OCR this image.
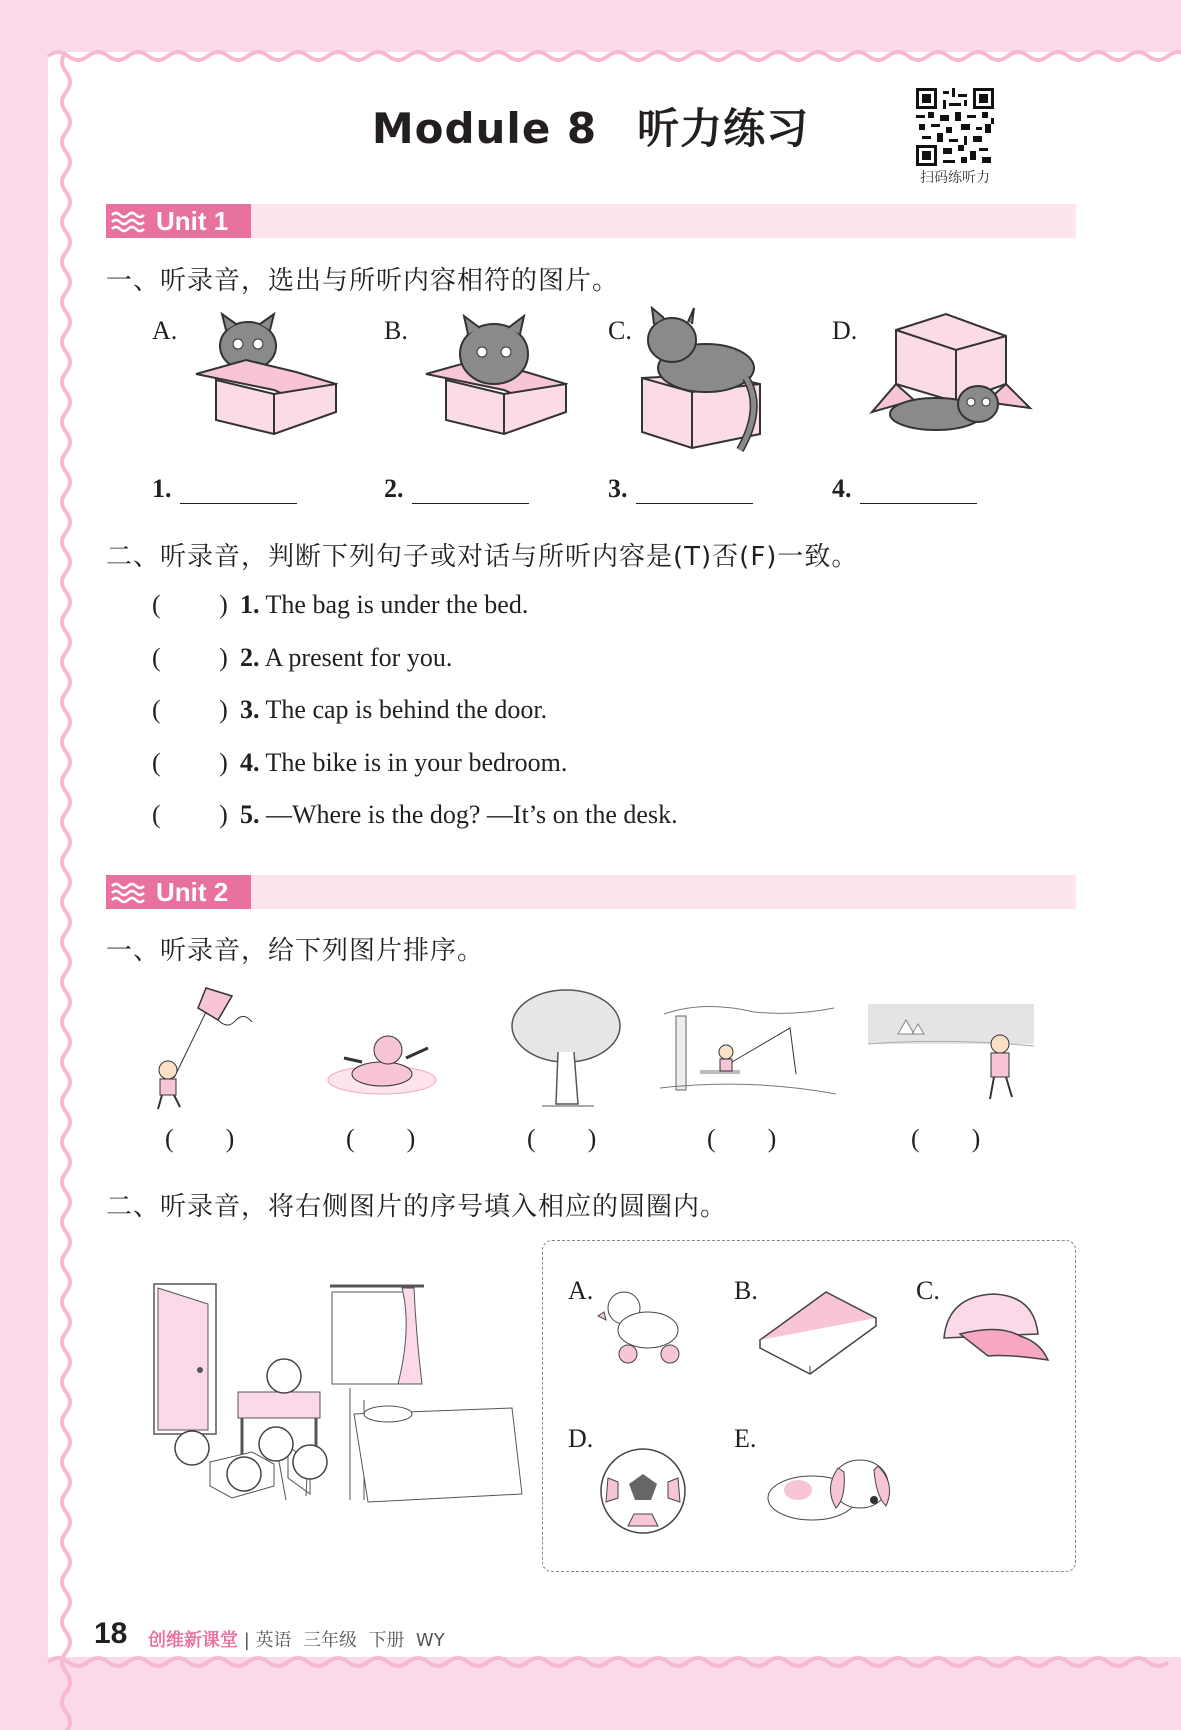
Module 8 听力练习
扫码练听力
Unit 1
一、听录音，选出与所听内容相符的图片。
A.	B.	C.	D.
1.	2.	3.	4.
二、听录音，判断下列句子或对话与所听内容是(T)否(F)一致。
(         ) 1. The bag is under the bed.
(         ) 2. A present for you.
(         ) 3. The cap is behind the door.
(         ) 4. The bike is in your bedroom.
(         ) 5. —Where is the dog? —It’s on the desk.
Unit 2
一、听录音，给下列图片排序。
(        )	(        )	(        )	(        )	(        )
二、听录音，将右侧图片的序号填入相应的圆圈内。
A.	B.	C.
D.	E.
18 创维新课堂 | 英语 三年级 下册 WY
